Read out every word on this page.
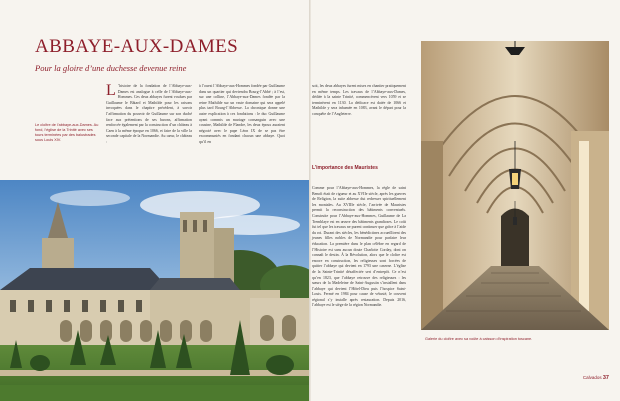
ABBAYE-AUX-DAMES
Pour la gloire d’une duchesse devenue reine
Le cloître de l’abbaye-aux-Dames. Au fond, l’église de la Trinité avec ses tours terminées par des balustrades sous Louis XIV.
L ’histoire de la fondation de l’Abbaye-aux-Dames est analogue à celle de l’Abbaye-aux-Hommes. Ces deux abbayes furent voulues par Guillaume le Bâtard et Mathilde pour les raisons invoquées dans le chapitre précédent, à savoir l’affirmation du pouvoir de Guillaume sur son duché face aux prétentions de ses barons, affirmation renforcée également par la construction d’un château à Caen à la même époque en 1066, et faire de la ville la seconde capitale de la Normandie. Au cœur, le château :
à l’ouest l’Abbaye-aux-Hommes fondée par Guillaume dans un quartier qui deviendra Bourg-l’Abbé ; à l’est, sur une colline, l’Abbaye-aux-Dames fondée par la reine Mathilde sur un vaste domaine qui sera appelé plus tard Bourg-l’Abbesse. La chronique donne une autre explication à ces fondations : le duc Guillaume ayant commis un mariage consanguin avec une cousine, Mathilde de Flandre, les deux époux auraient négocié avec le pape Léon IX de se pas être excommuniés en fondant chacun une abbaye. Quoi qu’il en
soit, les deux abbayes furent mises en chantier pratiquement en même temps. Les travaux de l’Abbaye-aux-Dames, dédiée à la sainte Trinité, commencèrent vers 1059 et se terminèrent en 1130. La dédicace est datée de 1066 et Mathilde y sera inhumée en 1083, avant le départ pour la conquête de l’Angleterre.
L’importance des Mauristes
Comme pour l’Abbaye-aux-Hommes, la règle de saint Benoît était de rigueur et au XVIIe siècle, après les guerres de Religion, la suite abbesse dut redresser spirituellement les moniales. Au XVIIIe siècle, l’arrivée de Mauristes permit la reconstruction des bâtiments conventuels. Construite pour l’Abbaye-aux-Hommes, Guillaume de La Tremblaye est en œuvre des bâtiments grandioses. Le coût fut tel que les travaux ne purent continuer que grâce à l’aide du roi. Durant des siècles, les bénédictines accueillirent des jeunes filles nobles de Normandie pour parfaire leur éducation. La première dans le plan célèbre en regard de l’Histoire est sans aucun doute Charlotte Corday, dont on connaît le destin. À la Révolution, alors que le cloître est encore en construction, les religieuses sont forcées de quitter l’abbaye qui devient en 1793 une caserne. L’église de la Sainte-Trinité désaffectée sert d’entrepôt. Ce n’est qu’en 1823, que l’abbaye retrouve des religieuses : les sœurs de la Madeleine de Saint-Augustin s’installent dans l’abbaye qui devient l’Hôtel-Dieu puis l’hospice Saint-Louis. Fermé en 1984 pour cause de vétusté, le couvent régional s’y installe après restauration. Depuis 2016, l’abbaye est le siège de la région Normandie.
Galerie du cloître avec sa voûte à caisson d’inspiration toscane.
Calvados 37
